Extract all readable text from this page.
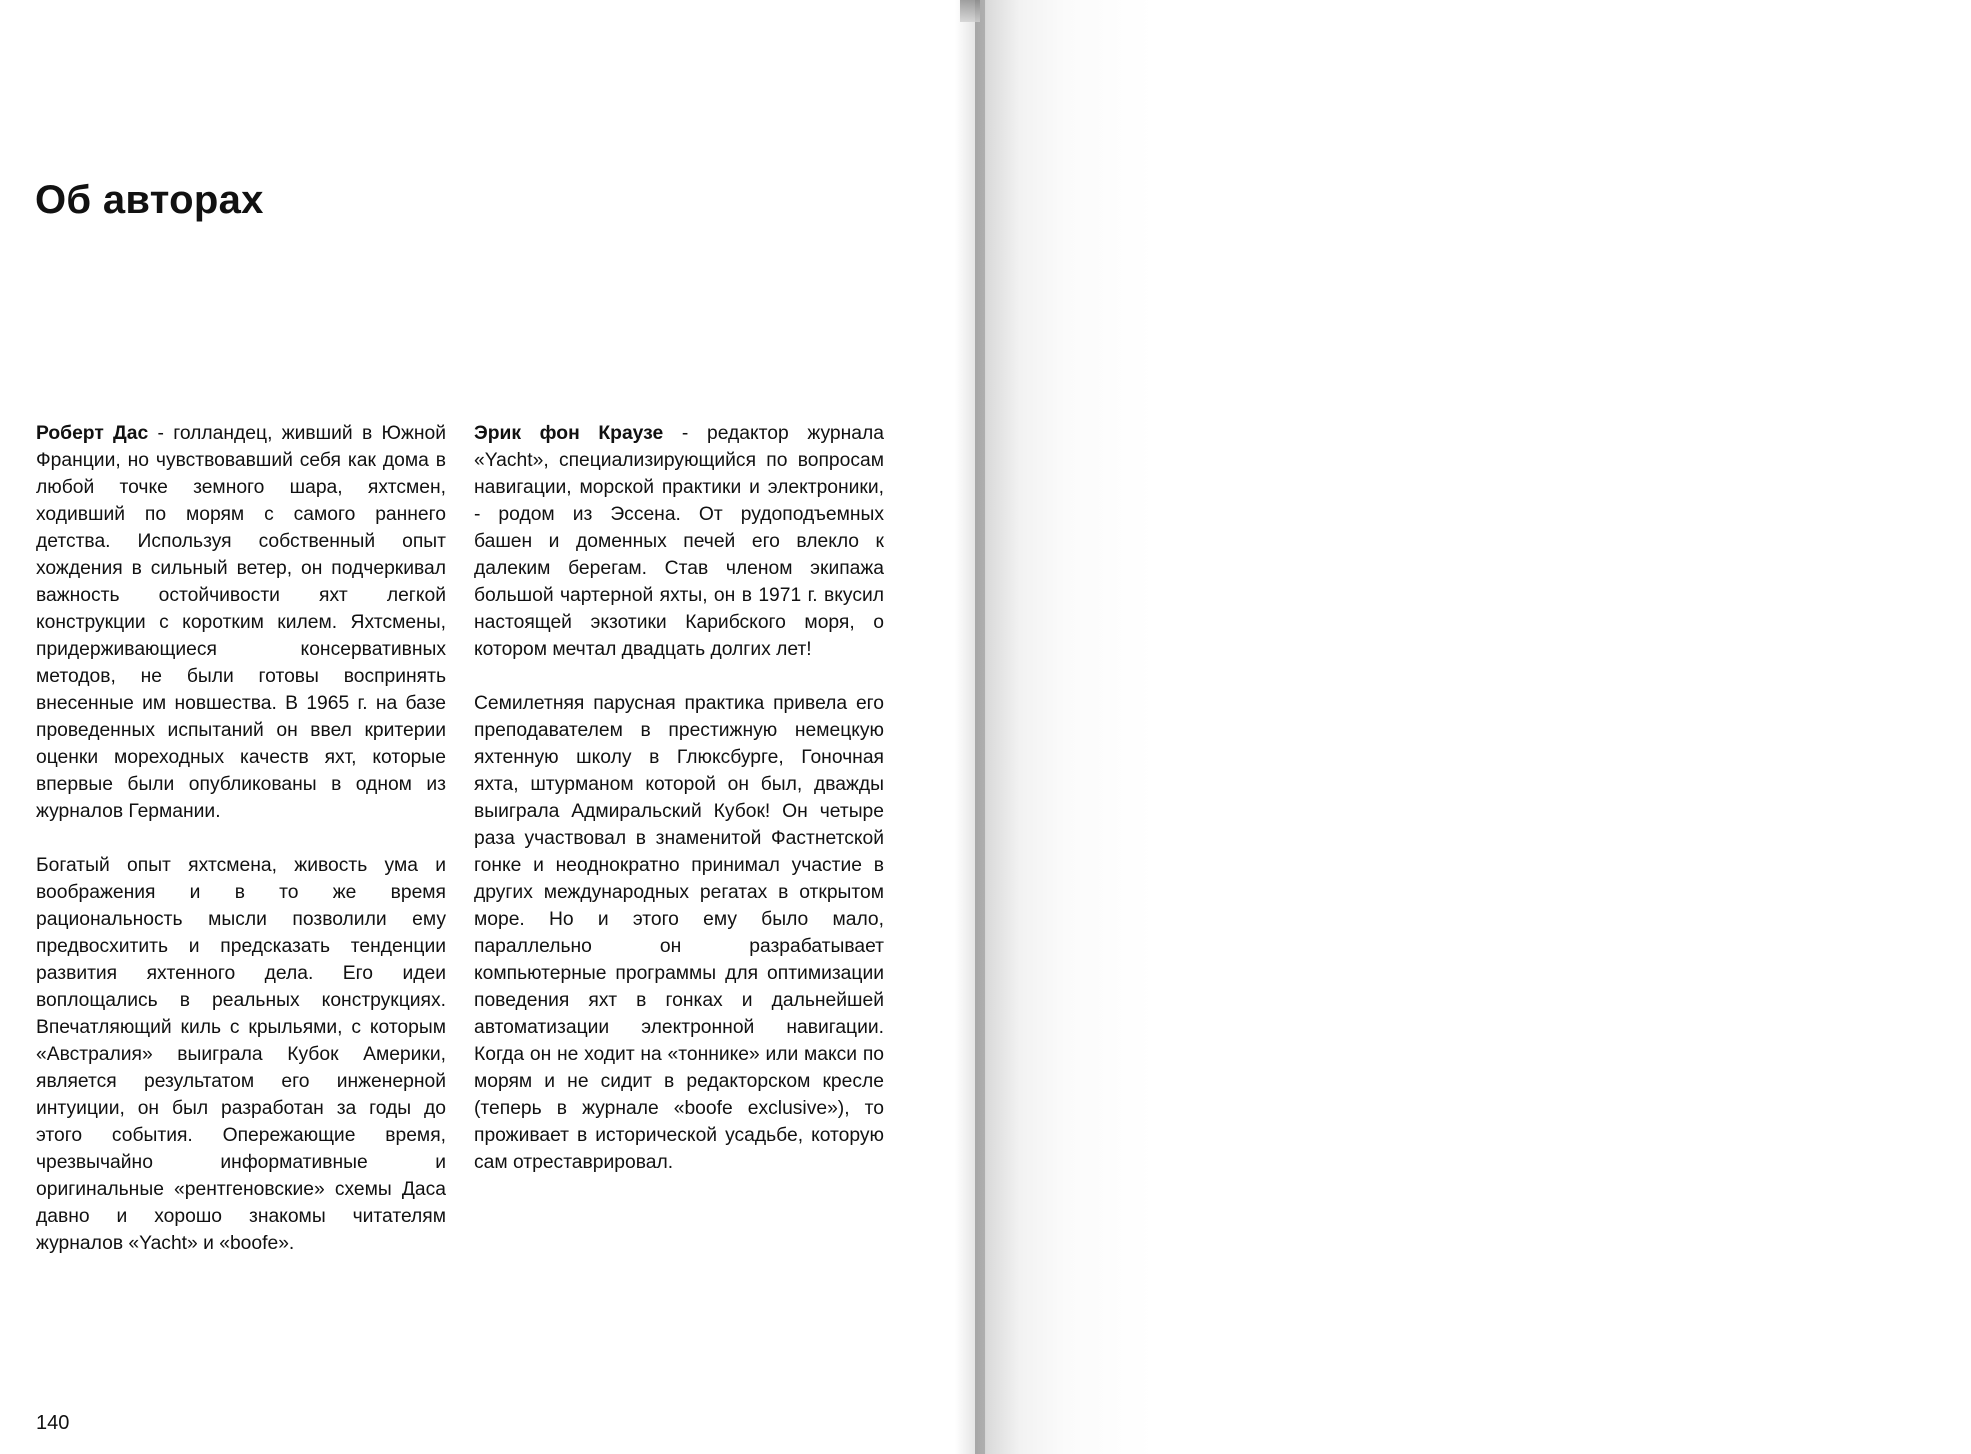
Об авторах

Роберт Дас - голландец, живший в Южной Франции, но чувствовавший себя как дома в любой точке земного шара, яхтсмен, ходивший по морям с самого раннего детства. Используя собственный опыт хождения в сильный ветер, он подчеркивал важность остойчивости яхт легкой конструкции с коротким килем. Яхтсмены, придерживающиеся консервативных методов, не были готовы воспринять внесенные им новшества. В 1965 г. на базе проведенных испытаний он ввел критерии оценки мореходных качеств яхт, которые впервые были опубликованы в одном из журналов Германии.

Богатый опыт яхтсмена, живость ума и воображения и в то же время рациональность мысли позволили ему предвосхитить и предсказать тенденции развития яхтенного дела. Его идеи воплощались в реальных конструкциях. Впечатляющий киль с крыльями, с которым «Австралия» выиграла Кубок Америки, является результатом его инженерной интуиции, он был разработан за годы до этого события. Опережающие время, чрезвычайно информативные и оригинальные «рентгеновские» схемы Даса давно и хорошо знакомы читателям журналов «Yacht» и «boofe».

Эрик фон Краузе - редактор журнала «Yacht», специализирующийся по вопросам навигации, морской практики и электроники, - родом из Эссена. От рудоподъемных башен и доменных печей его влекло к далеким берегам. Став членом экипажа большой чартерной яхты, он в 1971 г. вкусил настоящей экзотики Карибского моря, о котором мечтал двадцать долгих лет!

Семилетняя парусная практика привела его преподавателем в престижную немецкую яхтенную школу в Глюксбурге, Гоночная яхта, штурманом которой он был, дважды выиграла Адмиральский Кубок! Он четыре раза участвовал в знаменитой Фастнетской гонке и неоднократно принимал участие в других международных регатах в открытом море. Но и этого ему было мало, параллельно он разрабатывает компьютерные программы для оптимизации поведения яхт в гонках и дальнейшей автоматизации электронной навигации. Когда он не ходит на «тоннике» или макси по морям и не сидит в редакторском кресле (теперь в журнале «boofe exclusive»), то проживает в исторической усадьбе, которую сам отреставрировал.

140
